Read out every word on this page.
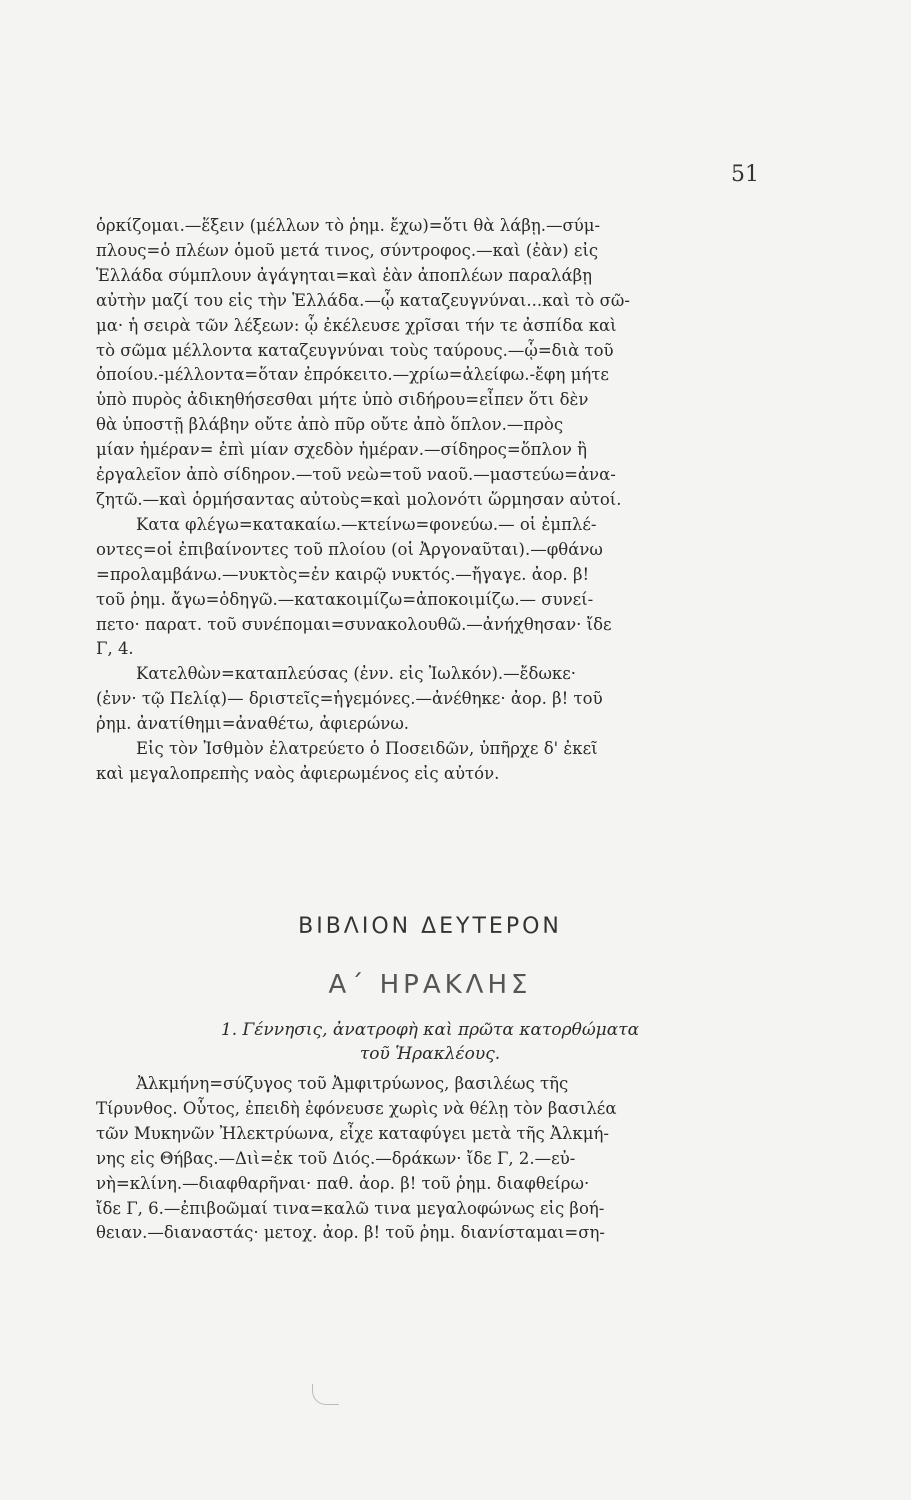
51
ὁρκίζομαι.—ἕξειν (μέλλων τὸ ῥημ. ἔχω)=ὅτι θὰ λάβῃ.—σύμ-
πλους=ὁ πλέων ὁμοῦ μετά τινος, σύντροφος.—καὶ (ἐὰν) εἰς
Ἑλλάδα σύμπλουν ἀγάγηται=καὶ ἐὰν ἀποπλέων παραλάβῃ
αὐτὴν μαζί του εἰς τὴν Ἑλλάδα.—ᾧ καταζευγνύναι...καὶ τὸ σῶ-
μα· ἡ σειρὰ τῶν λέξεων: ᾧ ἐκέλευσε χρῖσαι τήν τε ἀσπίδα καὶ
τὸ σῶμα μέλλοντα καταζευγνύναι τοὺς ταύρους.—ᾧ=διὰ τοῦ
ὁποίου.-μέλλοντα=ὅταν ἐπρόκειτο.—χρίω=ἀλείφω.-ἔφη μήτε
ὑπὸ πυρὸς ἀδικηθήσεσθαι μήτε ὑπὸ σιδήρου=εἶπεν ὅτι δὲν
θὰ ὑποστῇ βλάβην οὔτε ἀπὸ πῦρ οὔτε ἀπὸ ὅπλον.—πρὸς
μίαν ἡμέραν= ἐπὶ μίαν σχεδὸν ἡμέραν.—σίδηρος=ὅπλον ἢ
ἐργαλεῖον ἀπὸ σίδηρον.—τοῦ νεὼ=τοῦ ναοῦ.—μαστεύω=ἀνα-
ζητῶ.—καὶ ὁρμήσαντας αὐτοὺς=καὶ μολονότι ὥρμησαν αὐτοί.
Κατα φλέγω=κατακαίω.—κτείνω=φονεύω.— οἱ ἐμπλέ-
οντες=οἱ ἐπιβαίνοντες τοῦ πλοίου (οἱ Ἀργοναῦται).—φθάνω
=προλαμβάνω.—νυκτὸς=ἐν καιρῷ νυκτός.—ἤγαγε. ἀορ. β!
τοῦ ῥημ. ἄγω=ὁδηγῶ.—κατακοιμίζω=ἀποκοιμίζω.— συνεί-
πετο· παρατ. τοῦ συνέπομαι=συνακολουθῶ.—ἀνήχθησαν· ἴδε
Γ, 4.
Κατελθὼν=καταπλεύσας (ἐνν. εἰς Ἰωλκόν).—ἔδωκε·
(ἐνν· τῷ Πελίᾳ)— δριστεῖς=ἡγεμόνες.—ἀνέθηκε· ἀορ. β! τοῦ
ῥημ. ἀνατίθημι=ἀναθέτω, ἀφιερώνω.
Εἰς τὸν Ἰσθμὸν ἐλατρεύετο ὁ Ποσειδῶν, ὑπῆρχε δ' ἐκεῖ
καὶ μεγαλοπρεπὴς ναὸς ἀφιερωμένος εἰς αὐτόν.
ΒΙΒΛΙΟΝ ΔΕΥΤΕΡΟΝ
Α΄ ΗΡΑΚΛΗΣ
1. Γέννησις, ἀνατροφὴ καὶ πρῶτα κατορθώματα
τοῦ Ἡρακλέους.
Ἀλκμήνη=σύζυγος τοῦ Ἀμφιτρύωνος, βασιλέως τῆς
Τίρυνθος. Οὗτος, ἐπειδὴ ἐφόνευσε χωρὶς νὰ θέλῃ τὸν βασιλέα
τῶν Μυκηνῶν Ἠλεκτρύωνα, εἶχε καταφύγει μετὰ τῆς Ἀλκμή-
νης εἰς Θήβας.—Διὶ=ἐκ τοῦ Διός.—δράκων· ἴδε Γ, 2.—εὐ-
νὴ=κλίνη.—διαφθαρῆναι· παθ. ἀορ. β! τοῦ ῥημ. διαφθείρω·
ἴδε Γ, 6.—ἐπιβοῶμαί τινα=καλῶ τινα μεγαλοφώνως εἰς βοή-
θειαν.—διαναστάς· μετοχ. ἀορ. β! τοῦ ῥημ. διανίσταμαι=ση-
